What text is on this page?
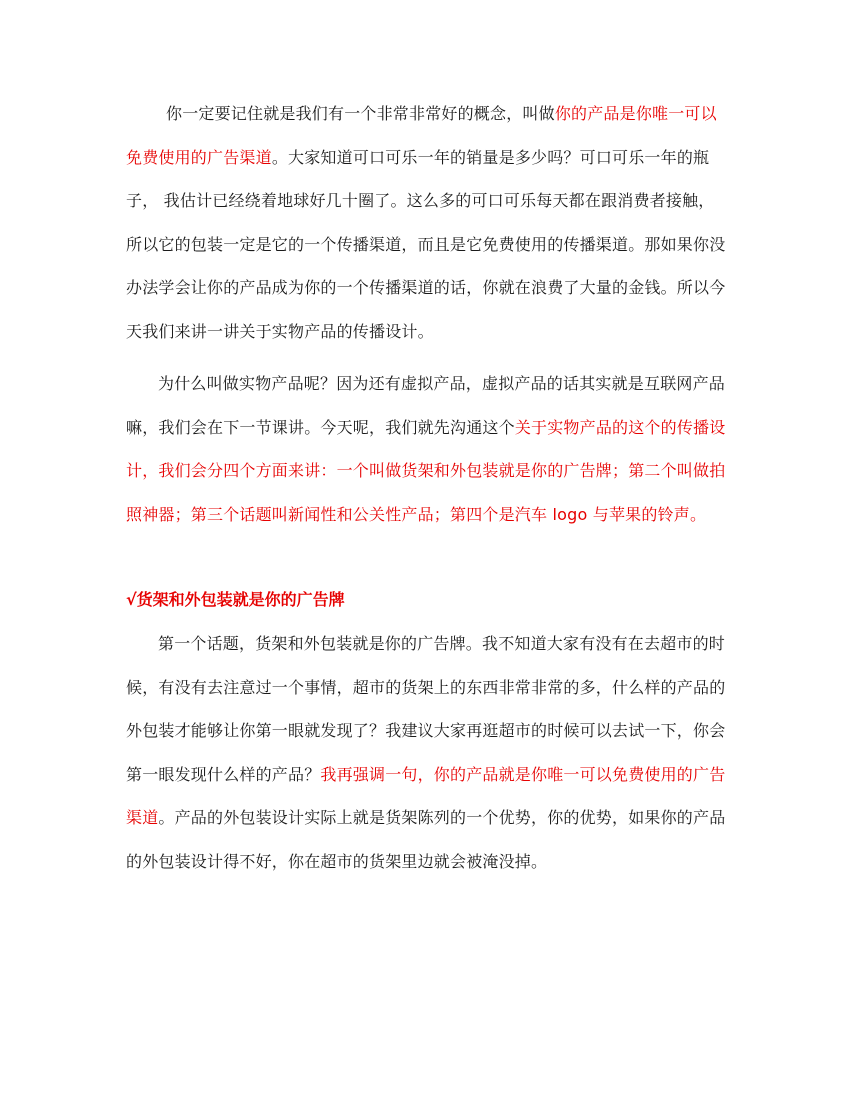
你一定要记住就是我们有一个非常非常好的概念，叫做你的产品是你唯一可以免费使用的广告渠道。大家知道可口可乐一年的销量是多少吗？可口可乐一年的瓶子， 我估计已经绕着地球好几十圈了。这么多的可口可乐每天都在跟消费者接触，所以它的包装一定是它的一个传播渠道，而且是它免费使用的传播渠道。那如果你没办法学会让你的产品成为你的一个传播渠道的话，你就在浪费了大量的金钱。所以今天我们来讲一讲关于实物产品的传播设计。

为什么叫做实物产品呢？因为还有虚拟产品，虚拟产品的话其实就是互联网产品嘛，我们会在下一节课讲。今天呢，我们就先沟通这个关于实物产品的这个的传播设计，我们会分四个方面来讲：一个叫做货架和外包装就是你的广告牌；第二个叫做拍照神器；第三个话题叫新闻性和公关性产品；第四个是汽车 logo 与苹果的铃声。

√货架和外包装就是你的广告牌

第一个话题，货架和外包装就是你的广告牌。我不知道大家有没有在去超市的时候，有没有去注意过一个事情，超市的货架上的东西非常非常的多，什么样的产品的外包装才能够让你第一眼就发现了？我建议大家再逛超市的时候可以去试一下，你会第一眼发现什么样的产品？我再强调一句，你的产品就是你唯一可以免费使用的广告渠道。产品的外包装设计实际上就是货架陈列的一个优势，你的优势，如果你的产品的外包装设计得不好，你在超市的货架里边就会被淹没掉。
